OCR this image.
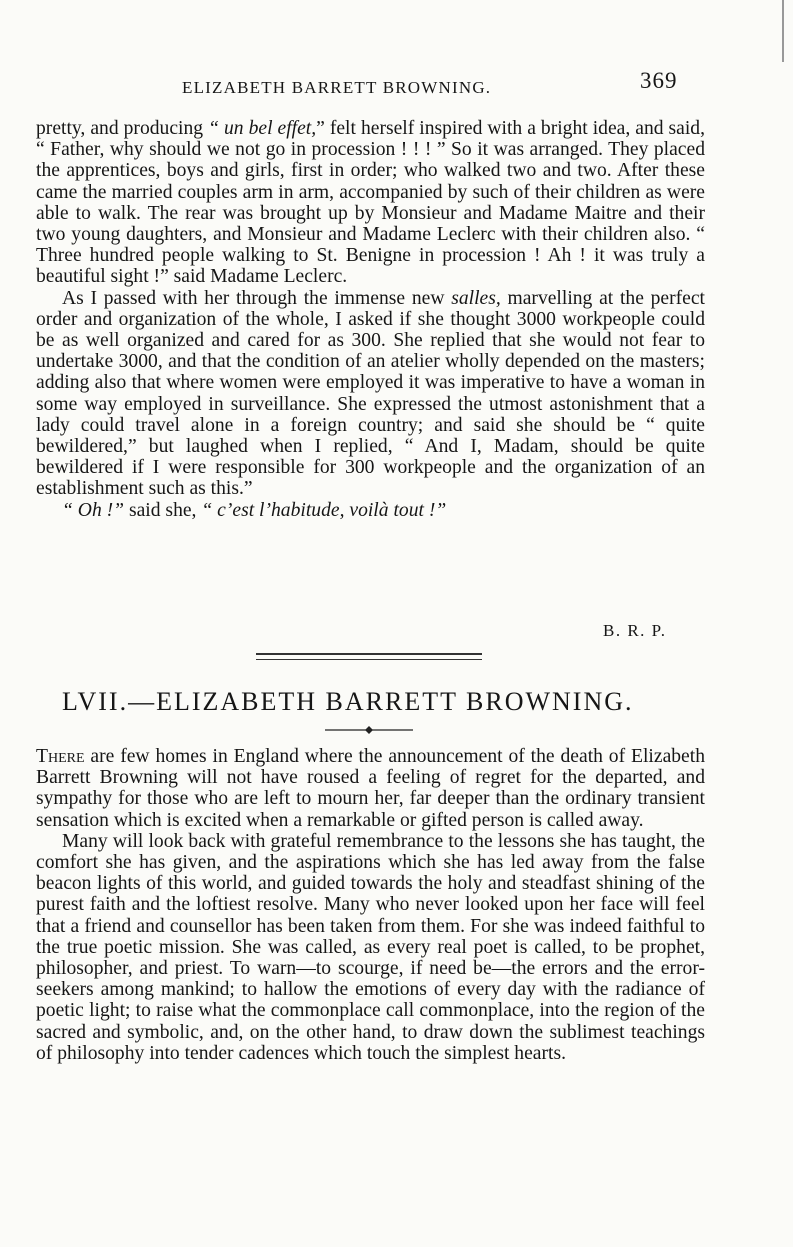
ELIZABETH BARRETT BROWNING.	369

pretty, and producing “ un bel effet,” felt herself inspired with a bright idea, and said, “ Father, why should we not go in procession ! ! ! ” So it was arranged. They placed the apprentices, boys and girls, first in order; who walked two and two. After these came the married couples arm in arm, accompanied by such of their children as were able to walk. The rear was brought up by Monsieur and Madame Maitre and their two young daughters, and Monsieur and Madame Leclerc with their children also. “ Three hundred people walking to St. Benigne in procession ! Ah ! it was truly a beautiful sight !” said Madame Leclerc.

As I passed with her through the immense new salles, marvelling at the perfect order and organization of the whole, I asked if she thought 3000 workpeople could be as well organized and cared for as 300. She replied that she would not fear to undertake 3000, and that the condition of an atelier wholly depended on the masters; adding also that where women were employed it was imperative to have a woman in some way employed in surveillance. She expressed the utmost astonishment that a lady could travel alone in a foreign country; and said she should be “ quite bewildered,” but laughed when I replied, “ And I, Madam, should be quite bewildered if I were responsible for 300 workpeople and the organization of an establishment such as this.”

“ Oh !” said she, “ c’est l’habitude, voilà tout !”

B. R. P.
LVII.—ELIZABETH BARRETT BROWNING.

There are few homes in England where the announcement of the death of Elizabeth Barrett Browning will not have roused a feeling of regret for the departed, and sympathy for those who are left to mourn her, far deeper than the ordinary transient sensation which is excited when a remarkable or gifted person is called away.

Many will look back with grateful remembrance to the lessons she has taught, the comfort she has given, and the aspirations which she has led away from the false beacon lights of this world, and guided towards the holy and steadfast shining of the purest faith and the loftiest resolve. Many who never looked upon her face will feel that a friend and counsellor has been taken from them. For she was indeed faithful to the true poetic mission. She was called, as every real poet is called, to be prophet, philosopher, and priest. To warn—to scourge, if need be—the errors and the error-seekers among mankind; to hallow the emotions of every day with the radiance of poetic light; to raise what the commonplace call commonplace, into the region of the sacred and symbolic, and, on the other hand, to draw down the sublimest teachings of philosophy into tender cadences which touch the simplest hearts.
